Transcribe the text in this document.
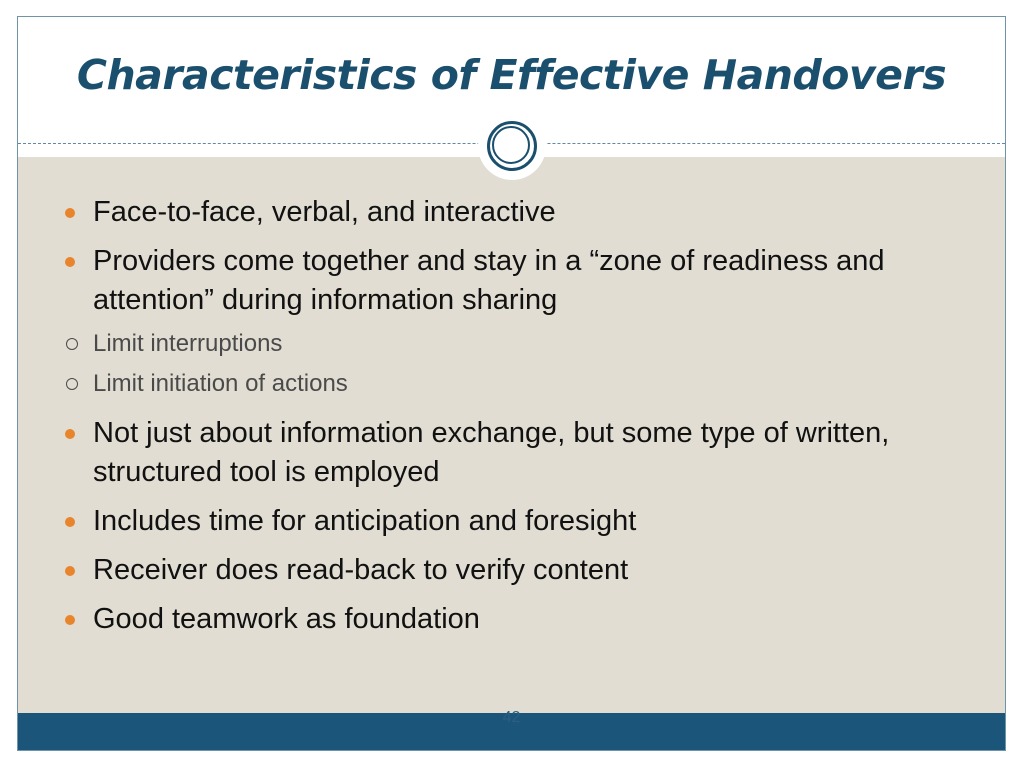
Characteristics of Effective Handovers
Face-to-face, verbal, and interactive
Providers come together and stay in a “zone of readiness and attention” during information sharing
Limit interruptions
Limit initiation of actions
Not just about information exchange, but some type of written, structured tool is employed
Includes time for anticipation and foresight
Receiver does read-back to verify content
Good teamwork as foundation
42
